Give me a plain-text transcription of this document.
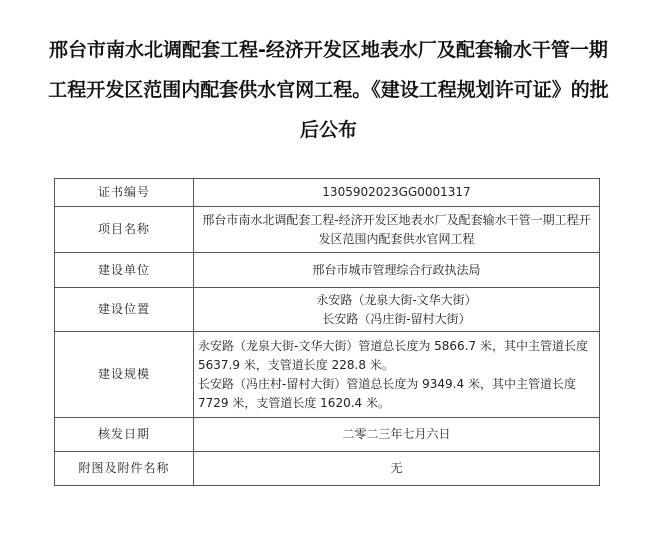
邢台市南水北调配套工程-经济开发区地表水厂及配套输水干管一期工程开发区范围内配套供水官网工程。《建设工程规划许可证》的批后公布
证书编号	1305902023GG0001317

项目名称	邢台市南水北调配套工程-经济开发区地表水厂及配套输水干管一期工程开发区范围内配套供水官网工程

建设单位	邢台市城市管理综合行政执法局

建设位置	永安路（龙泉大街-文华大街）
长安路（冯庄街-留村大街）

建设规模	永安路（龙泉大街-文华大街）管道总长度为 5866.7 米，其中主管道长度 5637.9 米，支管道长度 228.8 米。
长安路（冯庄村-留村大街）管道总长度为 9349.4 米，其中主管道长度 7729 米，支管道长度 1620.4 米。

核发日期	二零二三年七月六日

附图及附件名称	无
